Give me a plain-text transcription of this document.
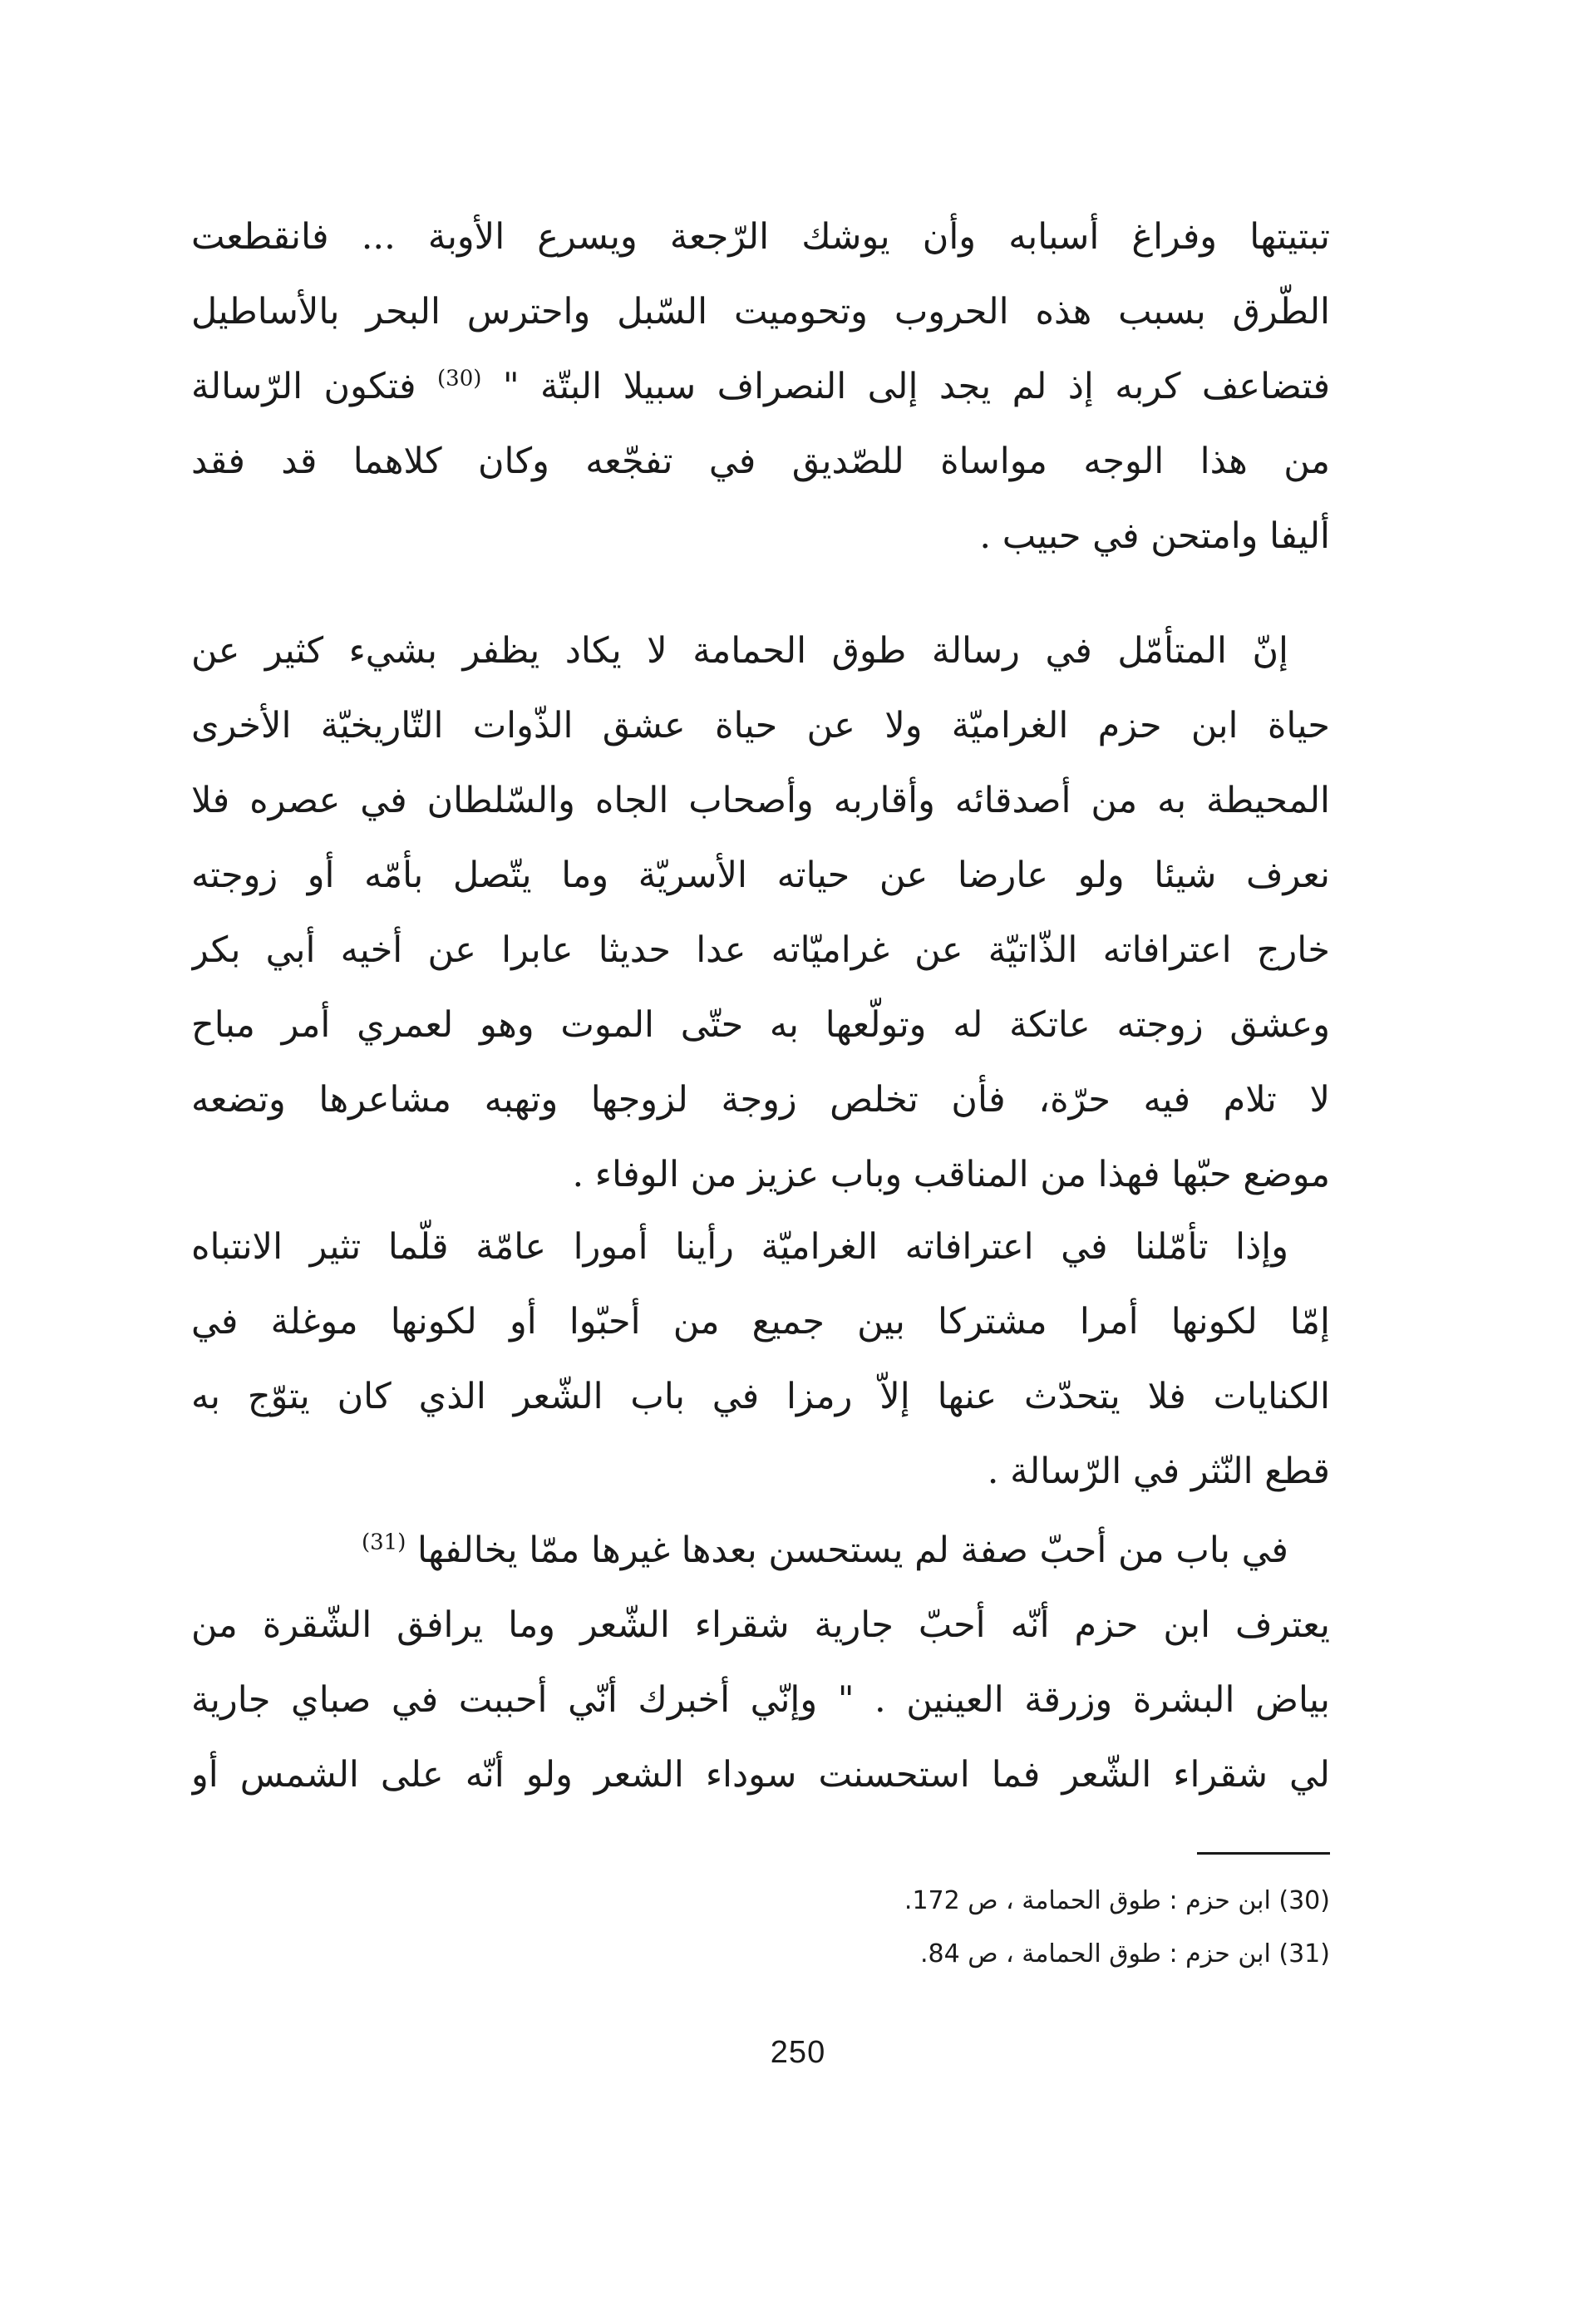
تبتيتها وفراغ أسبابه وأن يوشك الرّجعة ويسرع الأوبة ... فانقطعت
الطّرق بسبب هذه الحروب وتحوميت السّبل واحترس البحر بالأساطيل
فتضاعف كربه إذ لم يجد إلى النصراف سبيلا البتّة " $^{(30)}$ فتكون الرّسالة
من هذا الوجه مواساة للصّديق في تفجّعه وكان كلاهما قد فقد
أليفا وامتحن في حبيب .
إنّ المتأمّل في رسالة طوق الحمامة لا يكاد يظفر بشيء كثير عن
حياة ابن حزم الغراميّة ولا عن حياة عشق الذّوات التّاريخيّة الأخرى
المحيطة به من أصدقائه وأقاربه وأصحاب الجاه والسّلطان في عصره فلا
نعرف شيئا ولو عارضا عن حياته الأسريّة وما يتّصل بأمّه أو زوجته
خارج اعترافاته الذّاتيّة عن غراميّاته عدا حديثا عابرا عن أخيه أبي بكر
وعشق زوجته عاتكة له وتولّعها به حتّى الموت وهو لعمري أمر مباح
لا تلام فيه حرّة، فأن تخلص زوجة لزوجها وتهبه مشاعرها وتضعه
موضع حبّها فهذا من المناقب وباب عزيز من الوفاء .
وإذا تأمّلنا في اعترافاته الغراميّة رأينا أمورا عامّة قلّما تثير الانتباه
إمّا لكونها أمرا مشتركا بين جميع من أحبّوا أو لكونها موغلة في
الكنايات فلا يتحدّث عنها إلاّ رمزا في باب الشّعر الذي كان يتوّج به
قطع النّثر في الرّسالة .
في باب من أحبّ صفة لم يستحسن بعدها غيرها ممّا يخالفها $^{(31)}$
يعترف ابن حزم أنّه أحبّ جارية شقراء الشّعر وما يرافق الشّقرة من
بياض البشرة وزرقة العينين . " وإنّي أخبرك أنّي أحببت في صباي جارية
لي شقراء الشّعر فما استحسنت سوداء الشعر ولو أنّه على الشمس أو
(30) ابن حزم : طوق الحمامة ، ص 172.
(31) ابن حزم : طوق الحمامة ، ص 84.
250
